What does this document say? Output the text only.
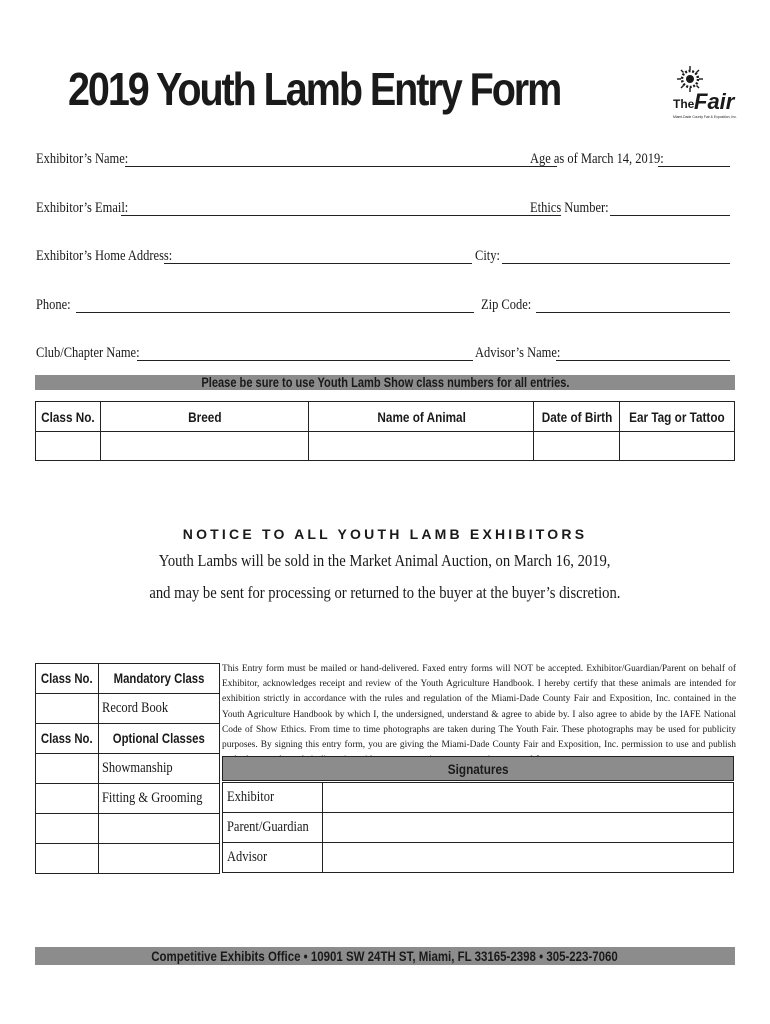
2019 Youth Lamb Entry Form	The Fair
Miami-Dade County Fair & Exposition, Inc.
Exhibitor’s Name:	Age as of March 14, 2019:
Exhibitor’s Email:	Ethics Number:
Exhibitor’s Home Address:	City:
Phone:	Zip Code:
Club/Chapter Name:	Advisor’s Name:
Please be sure to use Youth Lamb Show class numbers for all entries.
Class No.	Breed	Name of Animal	Date of Birth	Ear Tag or Tattoo

NOTICE TO ALL YOUTH LAMB EXHIBITORS
Youth Lambs will be sold in the Market Animal Auction, on March 16, 2019,
and may be sent for processing or returned to the buyer at the buyer’s discretion.
Class No.	Mandatory Class
	Record Book
Class No.	Optional Classes
	Showmanship
	Fitting & Grooming

This Entry form must be mailed or hand-delivered. Faxed entry forms will NOT be accepted. Exhibitor/Guardian/Parent on behalf of Exhibitor, acknowledges receipt and review of the Youth Agriculture Handbook. I hereby certify that these animals are intended for exhibition strictly in accordance with the rules and regulation of the Miami-Dade County Fair and Exposition, Inc. contained in the Youth Agriculture Handbook by which I, the undersigned, understand & agree to abide by. I also agree to abide by the IAFE National Code of Show Ethics. From time to time photographs are taken during The Youth Fair. These photographs may be used for publicity purposes. By signing this entry form, you are giving the Miami-Dade County Fair and Exposition, Inc. permission to use and publish
Signatures
Exhibitor	
Parent/Guardian	
Advisor	
Competitive Exhibits Office • 10901 SW 24TH ST, Miami, FL 33165-2398 • 305-223-7060
